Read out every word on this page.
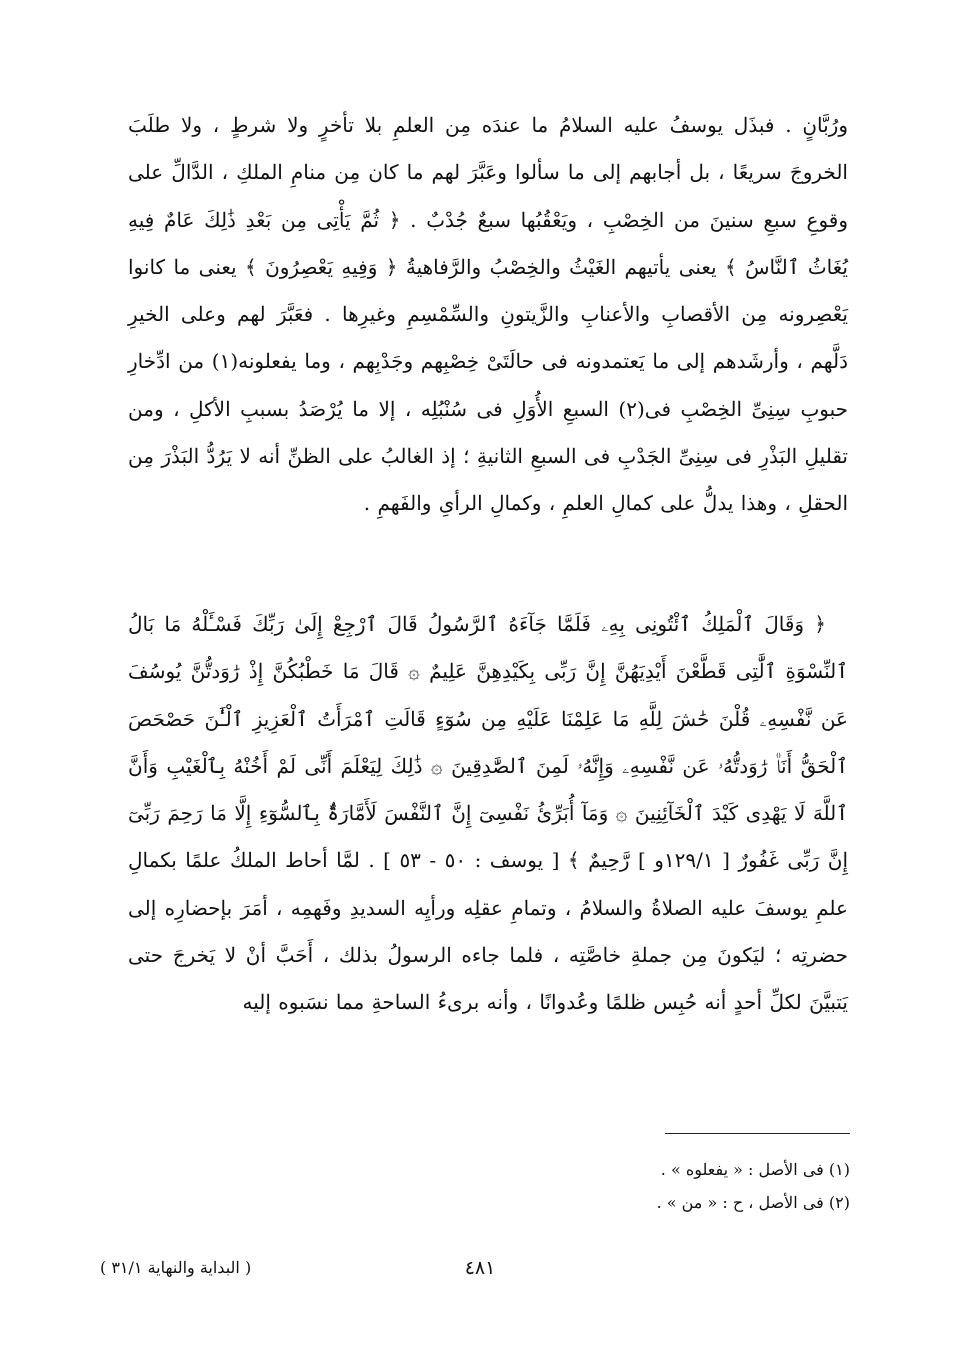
ورُبَّانٍ . فبذَل يوسفُ عليه السلامُ ما عندَه مِن العلمِ بلا تأخرٍ ولا شرطٍ ، ولا طلَبَ الخروجَ سريعًا ، بل أجابهم إلى ما سألوا وعَبَّرَ لهم ما كان مِن منامِ الملكِ ، الدَّالِّ على وقوعِ سبعِ سنينَ من الخِصْبِ ، ويَعْقُبُها سبعٌ جُدْبٌ . ﴿ ثُمَّ يَأْتِى مِن بَعْدِ ذَٰلِكَ عَامٌ فِيهِ يُغَاثُ ٱلنَّاسُ ﴾ يعنى يأتيهم الغَيْثُ والخِصْبُ والرَّفاهيةُ ﴿ وَفِيهِ يَعْصِرُونَ ﴾ يعنى ما كانوا يَعْصِرونه مِن الأقصابِ والأعنابِ والزَّيتونِ والسِّمْسِمِ وغيرِها . فعَبَّرَ لهم وعلى الخيرِ دَلَّهم ، وأرشَدهم إلى ما يَعتمدونه فى حالَتَىْ خِصْبِهم وجَدْبِهم ، وما يفعلونه(١) من ادِّخارِ حبوبِ سِنِىِّ الخِصْبِ فى(٢) السبعِ الأُوَلِ فى سُنْبُلِه ، إلا ما يُرْصَدُ بسببِ الأكلِ ، ومن تقليلِ البَذْرِ فى سِنِىِّ الجَدْبِ فى السبعِ الثانيةِ ؛ إذ الغالبُ على الظنِّ أنه لا يَرُدُّ البَذْرَ مِن الحقلِ ، وهذا يدلُّ على كمالِ العلمِ ، وكمالِ الرأىِ والفَهمِ .

﴿ وَقَالَ ٱلْمَلِكُ ٱئْتُونِى بِهِۦ فَلَمَّا جَآءَهُ ٱلرَّسُولُ قَالَ ٱرْجِعْ إِلَىٰ رَبِّكَ فَسْـَٔلْهُ مَا بَالُ ٱلنِّسْوَةِ ٱلَّٰتِى قَطَّعْنَ أَيْدِيَهُنَّ إِنَّ رَبِّى بِكَيْدِهِنَّ عَلِيمٌ ۞ قَالَ مَا خَطْبُكُنَّ إِذْ رَٰوَدتُّنَّ يُوسُفَ عَن نَّفْسِهِۦ قُلْنَ حَٰشَ لِلَّهِ مَا عَلِمْنَا عَلَيْهِ مِن سُوٓءٍ قَالَتِ ٱمْرَأَتُ ٱلْعَزِيزِ ٱلْـَٰٔنَ حَصْحَصَ ٱلْحَقُّ أَنَا۠ رَٰوَدتُّهُۥ عَن نَّفْسِهِۦ وَإِنَّهُۥ لَمِنَ ٱلصَّٰدِقِينَ ۞ ذَٰلِكَ لِيَعْلَمَ أَنِّى لَمْ أَخُنْهُ بِٱلْغَيْبِ وَأَنَّ ٱللَّهَ لَا يَهْدِى كَيْدَ ٱلْخَآئِنِينَ ۞ وَمَآ أُبَرِّئُ نَفْسِىٓ إِنَّ ٱلنَّفْسَ لَأَمَّارَةٌۢ بِٱلسُّوٓءِ إِلَّا مَا رَحِمَ رَبِّىٓ إِنَّ رَبِّى غَفُورٌ [ ١٢٩/١و ] رَّحِيمٌ ﴾ [ يوسف : ٥٠ - ٥٣ ] . لمَّا أحاط الملكُ علمًا بكمالِ علمِ يوسفَ عليه الصلاةُ والسلامُ ، وتمامِ عقلِه ورأيِه السديدِ وفَهمِه ، أمَرَ بإحضارِه إلى حضرتِه ؛ ليَكونَ مِن جملةِ خاصَّتِه ، فلما جاءه الرسولُ بذلك ، أَحَبَّ أنْ لا يَخرجَ حتى يَتبيَّنَ لكلِّ أحدٍ أنه حُبِس ظلمًا وعُدوانًا ، وأنه برىءُ الساحةِ مما نسَبوه إليه

(١) فى الأصل : « يفعلوه » .

(٢) فى الأصل ، ح : « من » .

٤٨١
( البداية والنهاية ٣١/١ )
